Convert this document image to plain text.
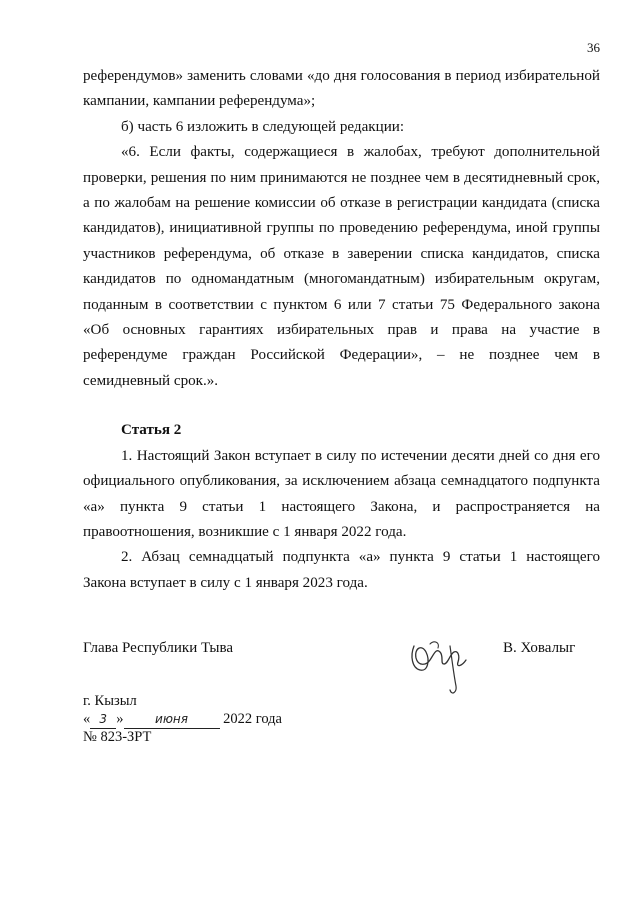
36

референдумов» заменить словами «до дня голосования в период избирательной кампании, кампании референдума»;

б) часть 6 изложить в следующей редакции:

«6. Если факты, содержащиеся в жалобах, требуют дополнительной проверки, решения по ним принимаются не позднее чем в десятидневный срок, а по жалобам на решение комиссии об отказе в регистрации кандидата (списка кандидатов), инициативной группы по проведению референдума, иной группы участников референдума, об отказе в заверении списка кандидатов, списка кандидатов по одномандатным (многомандатным) избирательным округам, поданным в соответствии с пунктом 6 или 7 статьи 75 Федерального закона «Об основных гарантиях избирательных прав и права на участие в референдуме граждан Российской Федерации», – не позднее чем в семидневный срок.».

Статья 2

1. Настоящий Закон вступает в силу по истечении десяти дней со дня его официального опубликования, за исключением абзаца семнадцатого подпункта «а» пункта 9 статьи 1 настоящего Закона, и распространяется на правоотношения, возникшие с 1 января 2022 года.

2. Абзац семнадцатый подпункта «а» пункта 9 статьи 1 настоящего Закона вступает в силу с 1 января 2023 года.

Глава Республики Тыва	В. Ховалыг
г. Кызыл
« 3 »	июня 2022 года
№ 823-ЗРТ
